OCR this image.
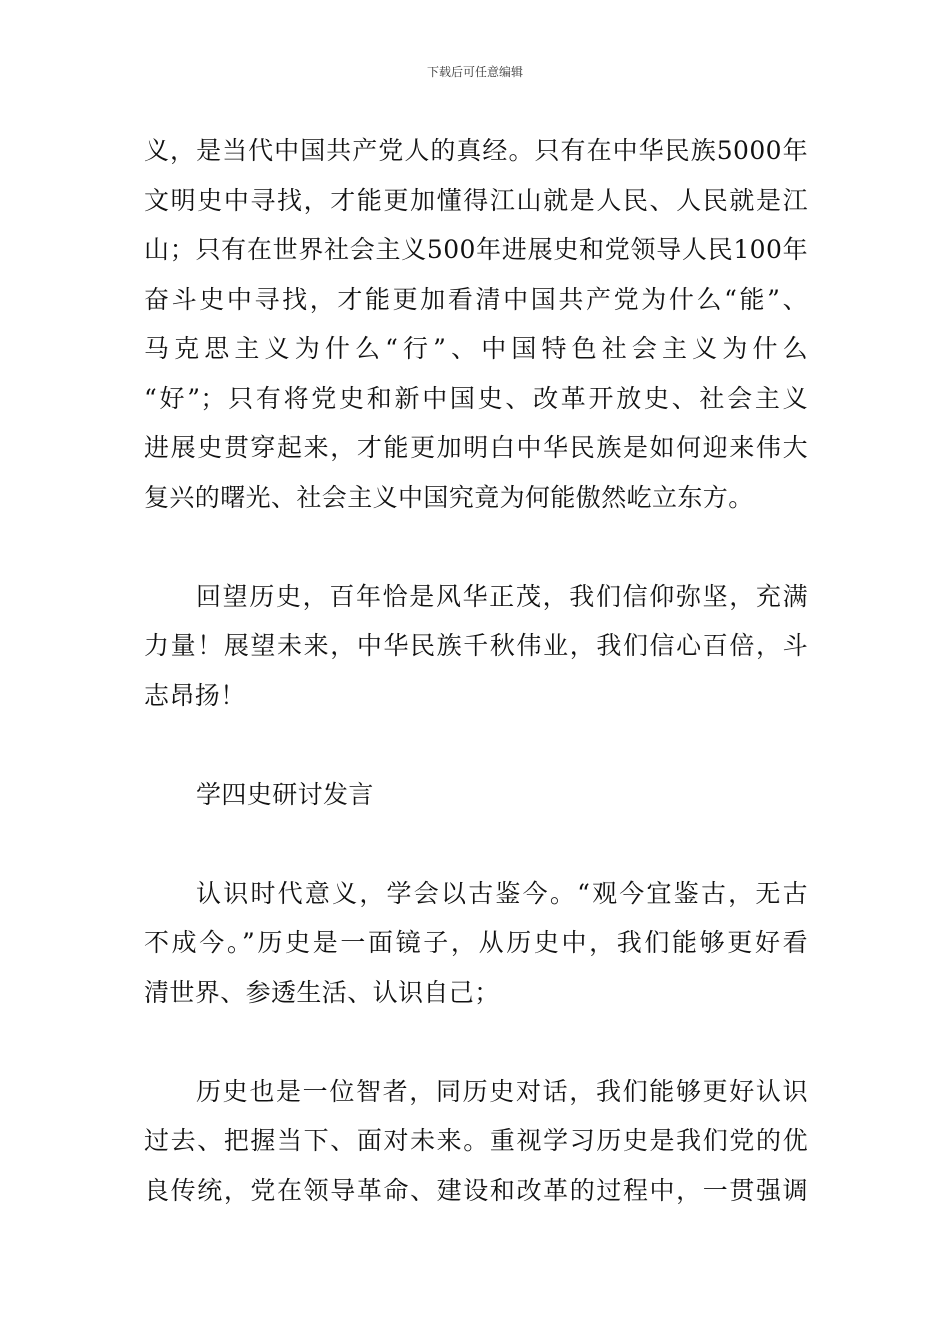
下载后可任意编辑

义，是当代中国共产党人的真经。只有在中华民族5000年
文明史中寻找，才能更加懂得江山就是人民、人民就是江
山；只有在世界社会主义500年进展史和党领导人民100年
奋斗史中寻找，才能更加看清中国共产党为什么“能”、
马克思主义为什么“行”、中国特色社会主义为什么
“好”；只有将党史和新中国史、改革开放史、社会主义
进展史贯穿起来，才能更加明白中华民族是如何迎来伟大
复兴的曙光、社会主义中国究竟为何能傲然屹立东方。

回望历史，百年恰是风华正茂，我们信仰弥坚，充满
力量！展望未来，中华民族千秋伟业，我们信心百倍，斗
志昂扬！

学四史研讨发言

认识时代意义，学会以古鉴今。“观今宜鉴古，无古
不成今。”历史是一面镜子，从历史中，我们能够更好看
清世界、参透生活、认识自己；

历史也是一位智者，同历史对话，我们能够更好认识
过去、把握当下、面对未来。重视学习历史是我们党的优
良传统，党在领导革命、建设和改革的过程中，一贯强调
